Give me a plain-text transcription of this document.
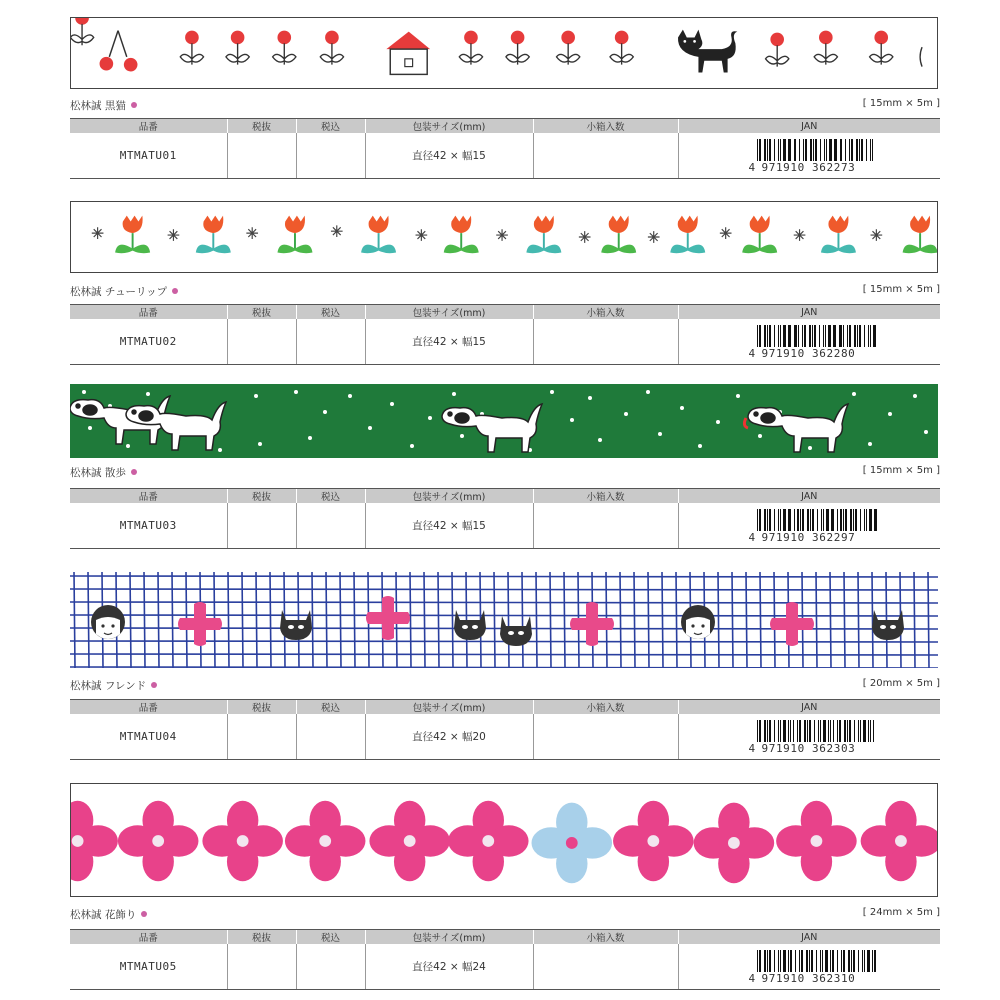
松林誠 黒猫	[ 15mm × 5m ]
品番	税抜	税込	包装サイズ(mm)	小箱入数	JAN
MTMATU01			直径42 × 幅15		4 971910 362273
松林誠 チューリップ	[ 15mm × 5m ]
品番	税抜	税込	包装サイズ(mm)	小箱入数	JAN
MTMATU02			直径42 × 幅15		4 971910 362280
松林誠 散歩	[ 15mm × 5m ]
品番	税抜	税込	包装サイズ(mm)	小箱入数	JAN
MTMATU03			直径42 × 幅15		4 971910 362297
松林誠 フレンド	[ 20mm × 5m ]
品番	税抜	税込	包装サイズ(mm)	小箱入数	JAN
MTMATU04			直径42 × 幅20		4 971910 362303
松林誠 花飾り	[ 24mm × 5m ]
品番	税抜	税込	包装サイズ(mm)	小箱入数	JAN
MTMATU05			直径42 × 幅24		4 971910 362310
